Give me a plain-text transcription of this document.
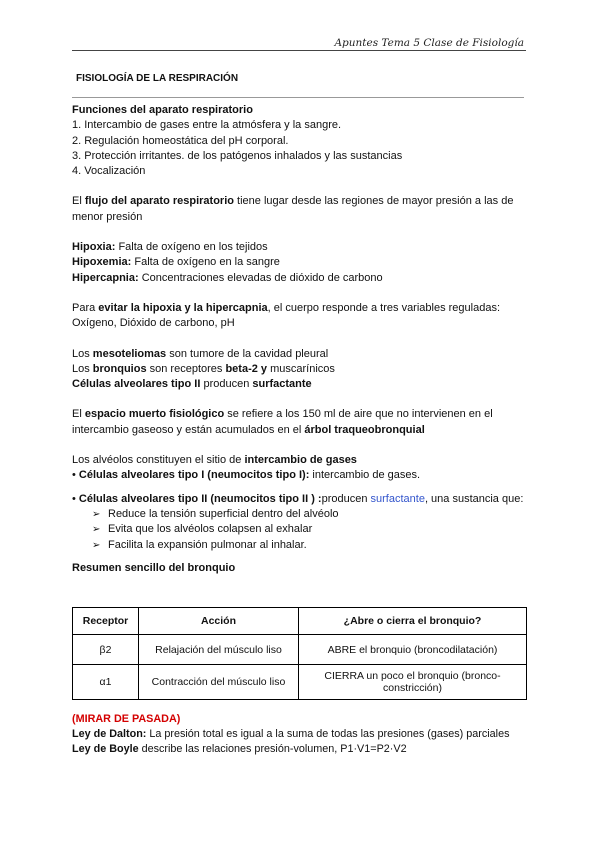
Apuntes Tema 5 Clase de Fisiología
FISIOLOGÍA DE LA RESPIRACIÓN

Funciones del aparato respiratorio

1. Intercambio de gases entre la atmósfera y la sangre.

2. Regulación homeostática del pH corporal.

3. Protección irritantes. de los patógenos inhalados y las sustancias

4. Vocalización

El flujo del aparato respiratorio tiene lugar desde las regiones de mayor presión a las de menor presión

Hipoxia: Falta de oxígeno en los tejidos

Hipoxemia: Falta de oxígeno en la sangre

Hipercapnia: Concentraciones elevadas de dióxido de carbono

Para evitar la hipoxia y la hipercapnia, el cuerpo responde a tres variables reguladas: Oxígeno, Dióxido de carbono, pH

Los mesoteliomas son tumore de la cavidad pleural

Los bronquios son receptores beta-2 y muscarínicos

Células alveolares tipo II producen surfactante

El espacio muerto fisiológico se refiere a los 150 ml de aire que no intervienen en el intercambio gaseoso y están acumulados en el árbol traqueobronquial

Los alvéolos constituyen el sitio de intercambio de gases

• Células alveolares tipo I (neumocitos tipo I): intercambio de gases.

• Células alveolares tipo II (neumocitos tipo II ) :producen surfactante, una sustancia que:

➢ Reduce la tensión superficial dentro del alvéolo
➢ Evita que los alvéolos colapsen al exhalar
➢ Facilita la expansión pulmonar al inhalar.

Resumen sencillo del bronquio

Receptor	Acción	¿Abre o cierra el bronquio?
β2	Relajación del músculo liso	ABRE el bronquio (broncodilatación)
α1	Contracción del músculo liso	CIERRA un poco el bronquio (bronco-constricción)

(MIRAR DE PASADA)

Ley de Dalton: La presión total es igual a la suma de todas las presiones (gases) parciales

Ley de Boyle describe las relaciones presión-volumen, P1·V1=P2·V2
